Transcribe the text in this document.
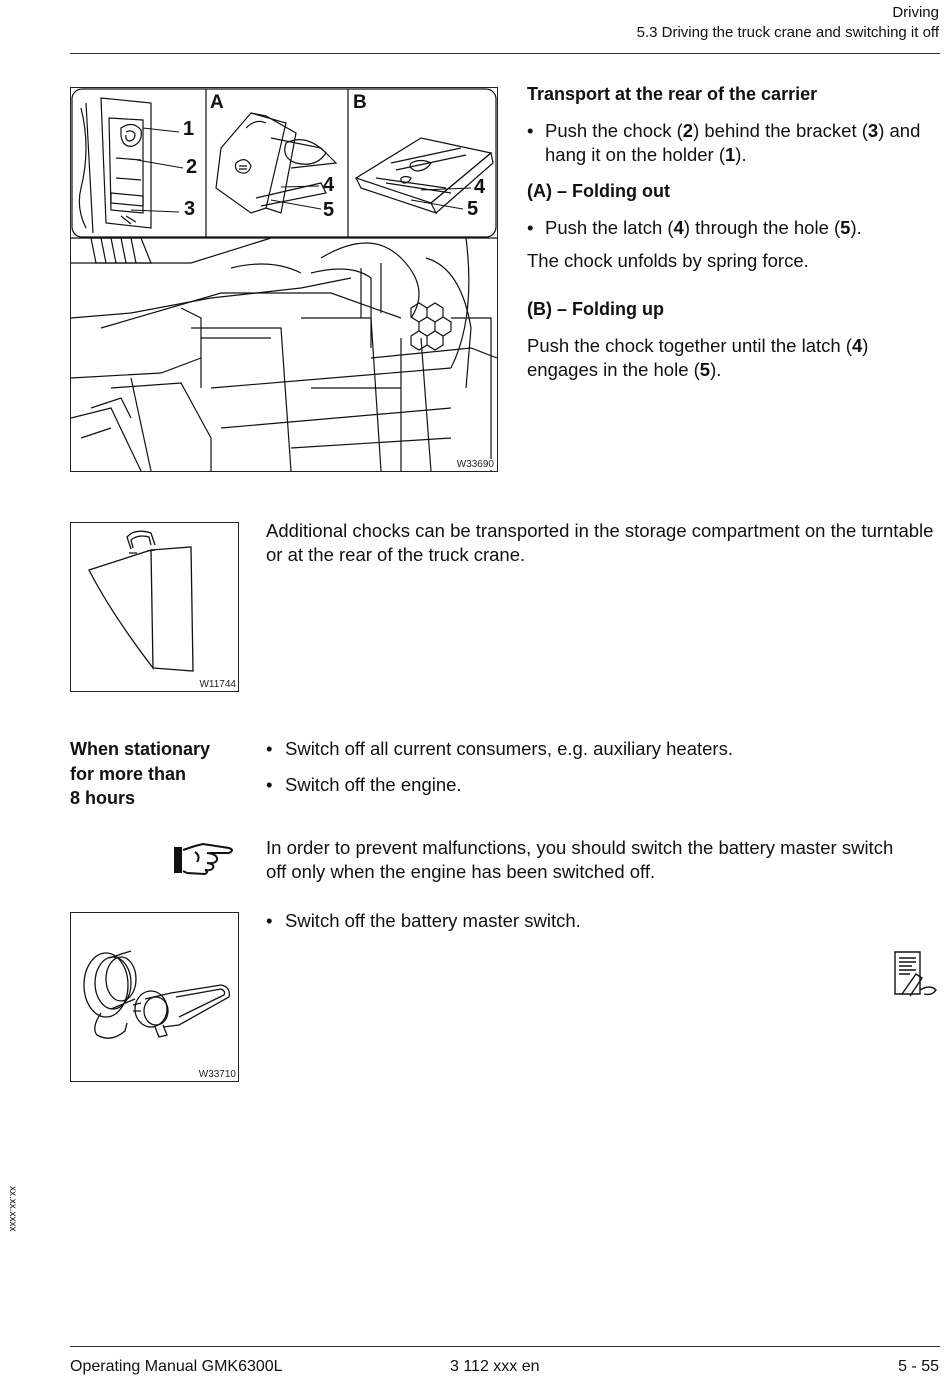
Driving
5.3 Driving the truck crane and switching it off
1
2
3
4
5
4
5
A	B
W33690
Transport at the rear of the carrier
• Push the chock (2) behind the bracket (3) and hang it on the holder (1).
(A) – Folding out
• Push the latch (4) through the hole (5).
The chock unfolds by spring force.
(B) – Folding up
Push the chock together until the latch (4) engages in the hole (5).
W11744
Additional chocks can be transported in the storage compartment on the turntable or at the rear of the truck crane.
When stationary
for more than
8 hours
• Switch off all current consumers, e.g. auxiliary heaters.
• Switch off the engine.
In order to prevent malfunctions, you should switch the battery master switch off only when the engine has been switched off.
W33710
• Switch off the battery master switch.
xx.xx.xxxx
Operating Manual GMK6300L	3 112 xxx en	5 - 55
